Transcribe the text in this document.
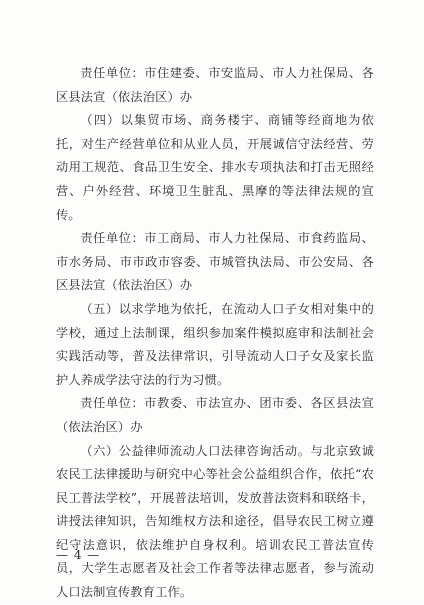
责任单位：市住建委、市安监局、市人力社保局、各区县法宣（依法治区）办

（四）以集贸市场、商务楼宇、商铺等经商地为依托，对生产经营单位和从业人员，开展诚信守法经营、劳动用工规范、食品卫生安全、排水专项执法和打击无照经营、户外经营、环境卫生脏乱、黑摩的等法律法规的宣传。

责任单位：市工商局、市人力社保局、市食药监局、市水务局、市市政市容委、市城管执法局、市公安局、各区县法宣（依法治区）办

（五）以求学地为依托，在流动人口子女相对集中的学校，通过上法制课，组织参加案件模拟庭审和法制社会实践活动等，普及法律常识，引导流动人口子女及家长监护人养成学法守法的行为习惯。

责任单位：市教委、市法宣办、团市委、各区县法宣（依法治区）办

（六）公益律师流动人口法律咨询活动。与北京致诚农民工法律援助与研究中心等社会公益组织合作，依托“农民工普法学校”，开展普法培训，发放普法资料和联络卡，讲授法律知识，告知维权方法和途径，倡导农民工树立遵纪守法意识，依法维护自身权利。培训农民工普法宣传员，大学生志愿者及社会工作者等法律志愿者，参与流动人口法制宣传教育工作。

— 4 —
